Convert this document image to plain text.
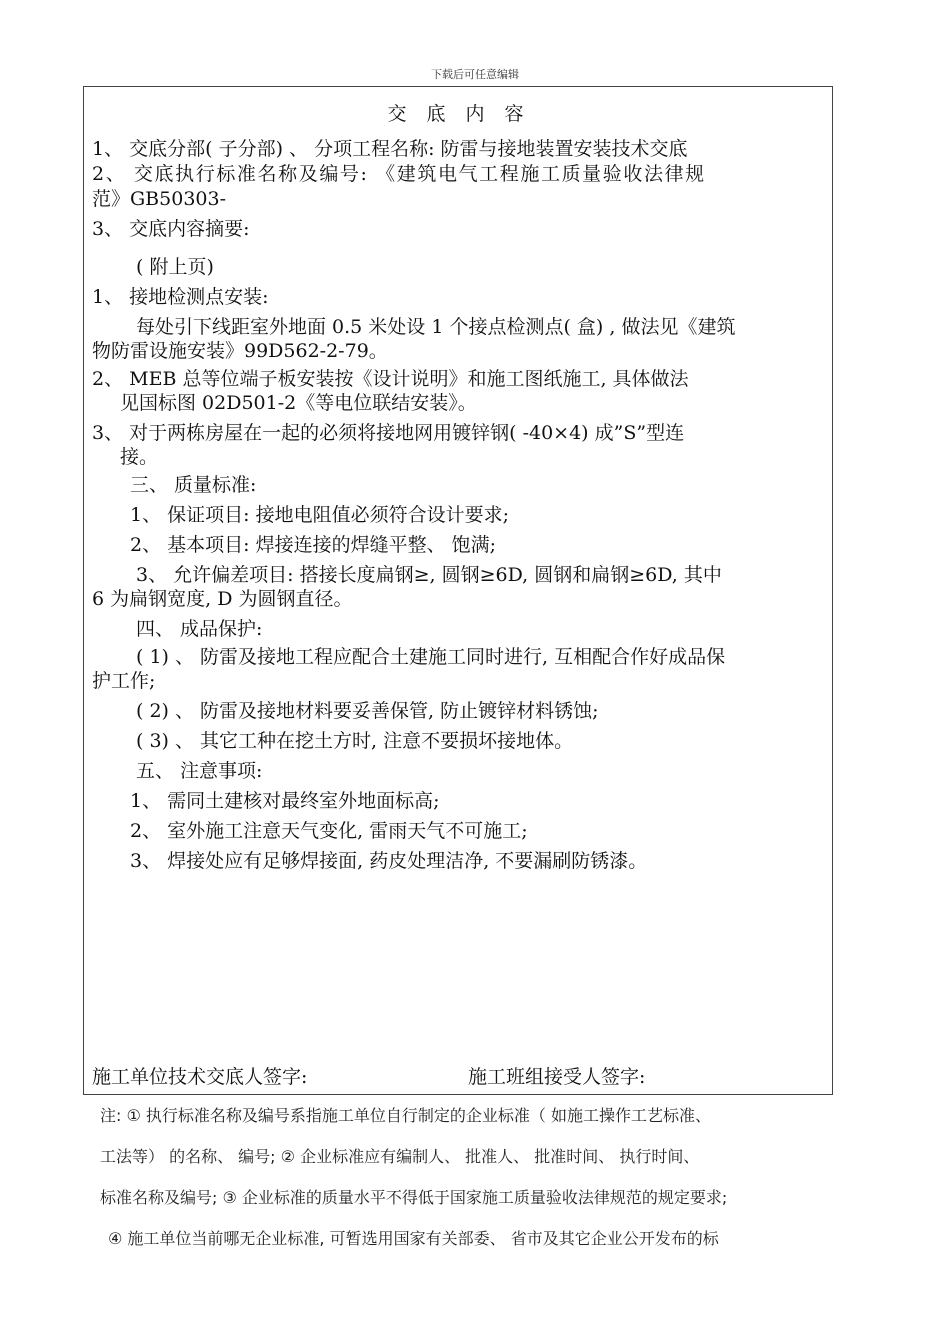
下载后可任意编辑
交 底 内 容
1、 交底分部( 子分部) 、 分项工程名称: 防雷与接地装置安装技术交底
2、 交底执行标准名称及编号: 《建筑电气工程施工质量验收法律规
范》GB50303-
3、 交底内容摘要:
( 附上页)
1、 接地检测点安装:
每处引下线距室外地面 0.5 米处设 1 个接点检测点( 盒) , 做法见《建筑
物防雷设施安装》99D562-2-79。
2、 MEB 总等位端子板安装按《设计说明》和施工图纸施工, 具体做法
见国标图 02D501-2《等电位联结安装》。
3、 对于两栋房屋在一起的必须将接地网用镀锌钢( -40×4) 成”S”型连
接。
三、 质量标准:
1、 保证项目: 接地电阻值必须符合设计要求;
2、 基本项目: 焊接连接的焊缝平整、 饱满;
3、 允许偏差项目: 搭接长度扁钢≥, 圆钢≥6D, 圆钢和扁钢≥6D, 其中
6 为扁钢宽度, D 为圆钢直径。
四、 成品保护:
( 1) 、 防雷及接地工程应配合土建施工同时进行, 互相配合作好成品保
护工作;
( 2) 、 防雷及接地材料要妥善保管, 防止镀锌材料锈蚀;
( 3) 、 其它工种在挖土方时, 注意不要损坏接地体。
五、 注意事项:
1、 需同土建核对最终室外地面标高;
2、 室外施工注意天气变化, 雷雨天气不可施工;
3、 焊接处应有足够焊接面, 药皮处理洁净, 不要漏刷防锈漆。
施工单位技术交底人签字:	施工班组接受人签字:
注: ① 执行标准名称及编号系指施工单位自行制定的企业标准（ 如施工操作工艺标准、
工法等） 的名称、 编号; ② 企业标准应有编制人、 批准人、 批准时间、 执行时间、
标准名称及编号; ③ 企业标准的质量水平不得低于国家施工质量验收法律规范的规定要求;
④ 施工单位当前哪无企业标准, 可暂选用国家有关部委、 省市及其它企业公开发布的标
